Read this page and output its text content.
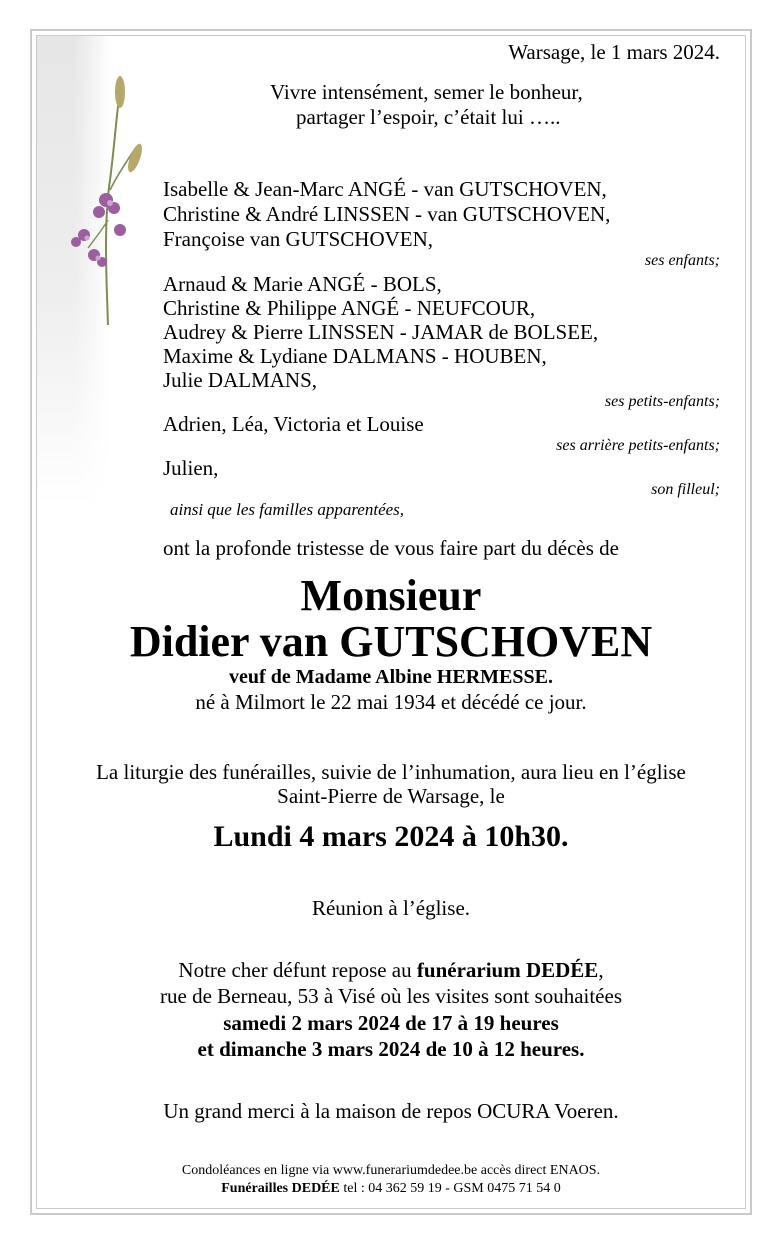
Warsage, le 1 mars 2024.
Vivre intensément, semer le bonheur,
partager l’espoir, c’était lui …..
Isabelle & Jean-Marc ANGÉ - van GUTSCHOVEN,
Christine & André LINSSEN - van GUTSCHOVEN,
Françoise van GUTSCHOVEN,
ses enfants;
Arnaud & Marie ANGÉ - BOLS,
Christine & Philippe ANGÉ - NEUFCOUR,
Audrey & Pierre LINSSEN - JAMAR de BOLSEE,
Maxime & Lydiane DALMANS - HOUBEN,
Julie DALMANS,
ses petits-enfants;
Adrien, Léa, Victoria et Louise
ses arrière petits-enfants;
Julien,
son filleul;
ainsi que les familles apparentées,
ont la profonde tristesse de vous faire part du décès de
Monsieur
Didier van GUTSCHOVEN
veuf de Madame Albine HERMESSE.
né à Milmort le 22 mai 1934 et décédé ce jour.
La liturgie des funérailles, suivie de l’inhumation, aura lieu en l’église
Saint-Pierre de Warsage, le
Lundi 4 mars 2024 à 10h30.
Réunion à l’église.
Notre cher défunt repose au funérarium DEDÉE,
rue de Berneau, 53 à Visé où les visites sont souhaitées
samedi 2 mars 2024 de 17 à 19 heures
et dimanche 3 mars 2024 de 10 à 12 heures.
Un grand merci à la maison de repos OCURA Voeren.
Condoléances en ligne via www.funerariumdedee.be accès direct ENAOS.
Funérailles DEDÉE tel : 04 362 59 19 - GSM 0475 71 54 0
